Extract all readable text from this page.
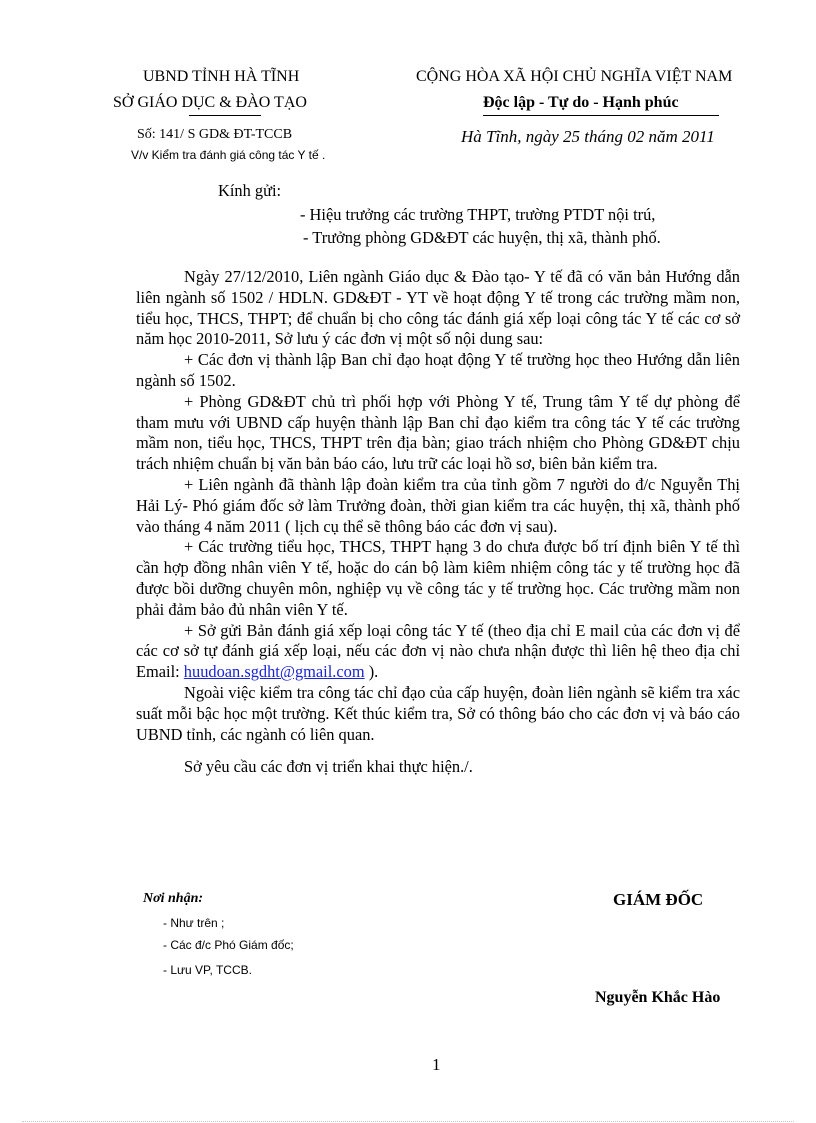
UBND TỈNH HÀ TĨNH
SỞ GIÁO DỤC & ĐÀO TẠO
Số: 141/ S GD& ĐT-TCCB
V/v Kiểm tra đánh giá công tác Y tế .
CỘNG HÒA XÃ HỘI CHỦ NGHĨA VIỆT NAM
Độc lập - Tự do - Hạnh phúc
Hà Tĩnh, ngày 25 tháng 02 năm 2011
Kính gửi:
- Hiệu trưởng các trường THPT, trường PTDT nội trú,
- Trưởng phòng GD&ĐT các huyện, thị xã, thành phố.

Ngày 27/12/2010, Liên ngành Giáo dục & Đào tạo- Y tế đã có văn bản Hướng dẫn liên ngành số 1502 / HDLN. GD&ĐT - YT về hoạt động Y tế trong các trường mầm non, tiểu học, THCS, THPT; để chuẩn bị cho công tác đánh giá xếp loại công tác Y tế các cơ sở năm học 2010-2011, Sở lưu ý các đơn vị một số nội dung sau:

+ Các đơn vị thành lập Ban chỉ đạo hoạt động Y tế trường học theo Hướng dẫn liên ngành số 1502.

+ Phòng GD&ĐT chủ trì phối hợp với Phòng Y tế, Trung tâm Y tế dự phòng để tham mưu với UBND cấp huyện thành lập Ban chỉ đạo kiểm tra công tác Y tế các trường mầm non, tiểu học, THCS, THPT trên địa bàn; giao trách nhiệm cho Phòng GD&ĐT chịu trách nhiệm chuẩn bị văn bản báo cáo, lưu trữ các loại hồ sơ, biên bản kiểm tra.

+ Liên ngành đã thành lập đoàn kiểm tra của tỉnh gồm 7 người do đ/c Nguyễn Thị Hải Lý- Phó giám đốc sở làm Trưởng đoàn, thời gian kiểm tra các huyện, thị xã, thành phố vào tháng 4 năm 2011 ( lịch cụ thể sẽ thông báo các đơn vị sau).

+ Các trường tiểu học, THCS, THPT hạng 3 do chưa được bố trí định biên Y tế thì cần hợp đồng nhân viên Y tế, hoặc do cán bộ làm kiêm nhiệm công tác y tế trường học đã được bồi dưỡng chuyên môn, nghiệp vụ về công tác y tế trường học. Các trường mầm non phải đảm bảo đủ nhân viên Y tế.

+ Sở gửi Bản đánh giá xếp loại công tác Y tế (theo địa chỉ E mail của các đơn vị để các cơ sở tự đánh giá xếp loại, nếu các đơn vị nào chưa nhận được thì liên hệ theo địa chỉ Email: huudoan.sgdht@gmail.com ).

Ngoài việc kiểm tra công tác chỉ đạo của cấp huyện, đoàn liên ngành sẽ kiểm tra xác suất mỗi bậc học một trường. Kết thúc kiểm tra, Sở có thông báo cho các đơn vị và báo cáo UBND tỉnh, các ngành có liên quan.

Sở yêu cầu các đơn vị triển khai thực hiện./.

Nơi nhận:
- Như trên ;
- Các đ/c Phó Giám đốc;
- Lưu VP, TCCB.
GIÁM ĐỐC
Nguyễn Khắc Hào
1
